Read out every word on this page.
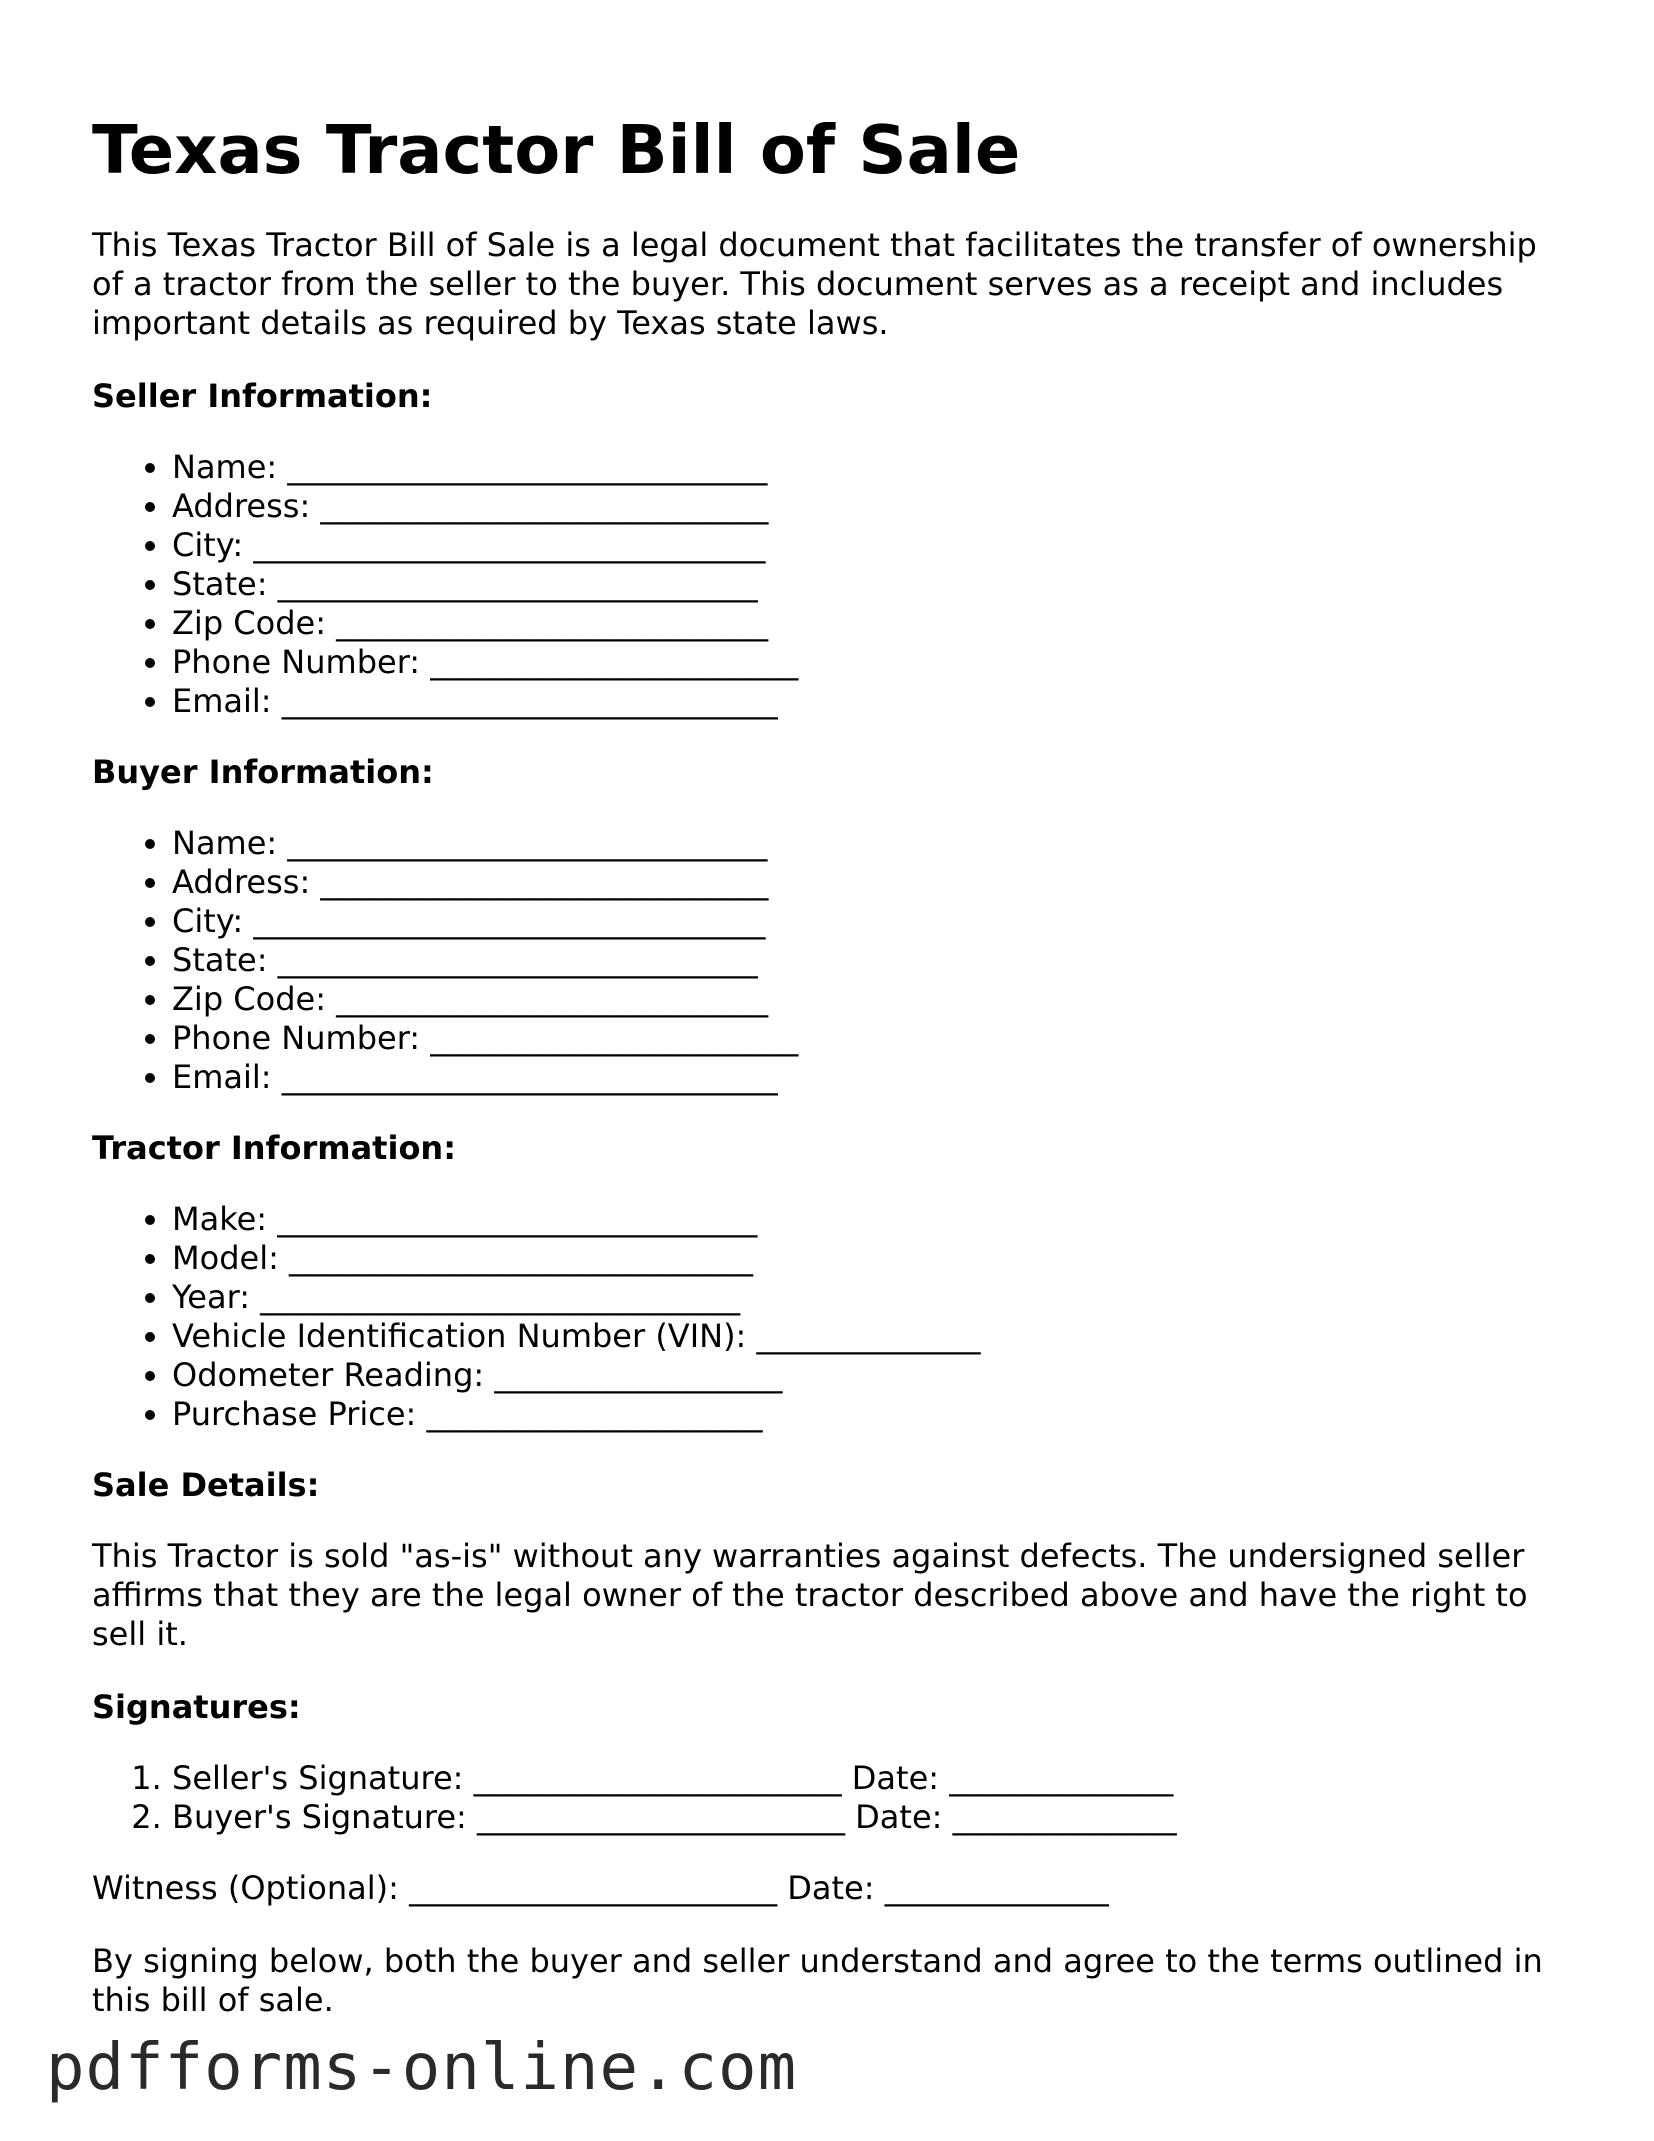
Texas Tractor Bill of Sale

This Texas Tractor Bill of Sale is a legal document that facilitates the transfer of ownership of a tractor from the seller to the buyer. This document serves as a receipt and includes important details as required by Texas state laws.

Seller Information:
• Name: ______________________________
• Address: ____________________________
• City: ________________________________
• State: ______________________________
• Zip Code: ___________________________
• Phone Number: _______________________
• Email: _______________________________
Buyer Information:
• Name: ______________________________
• Address: ____________________________
• City: ________________________________
• State: ______________________________
• Zip Code: ___________________________
• Phone Number: _______________________
• Email: _______________________________
Tractor Information:
• Make: ______________________________
• Model: _____________________________
• Year: ______________________________
• Vehicle Identification Number (VIN): ______________
• Odometer Reading: __________________
• Purchase Price: _____________________
Sale Details:

This Tractor is sold "as-is" without any warranties against defects. The undersigned seller affirms that they are the legal owner of the tractor described above and have the right to sell it.

Signatures:
1. Seller's Signature: _______________________ Date: ______________
2. Buyer's Signature: _______________________ Date: ______________

Witness (Optional): _______________________ Date: ______________

By signing below, both the buyer and seller understand and agree to the terms outlined in this bill of sale.

pdfforms-online.com
